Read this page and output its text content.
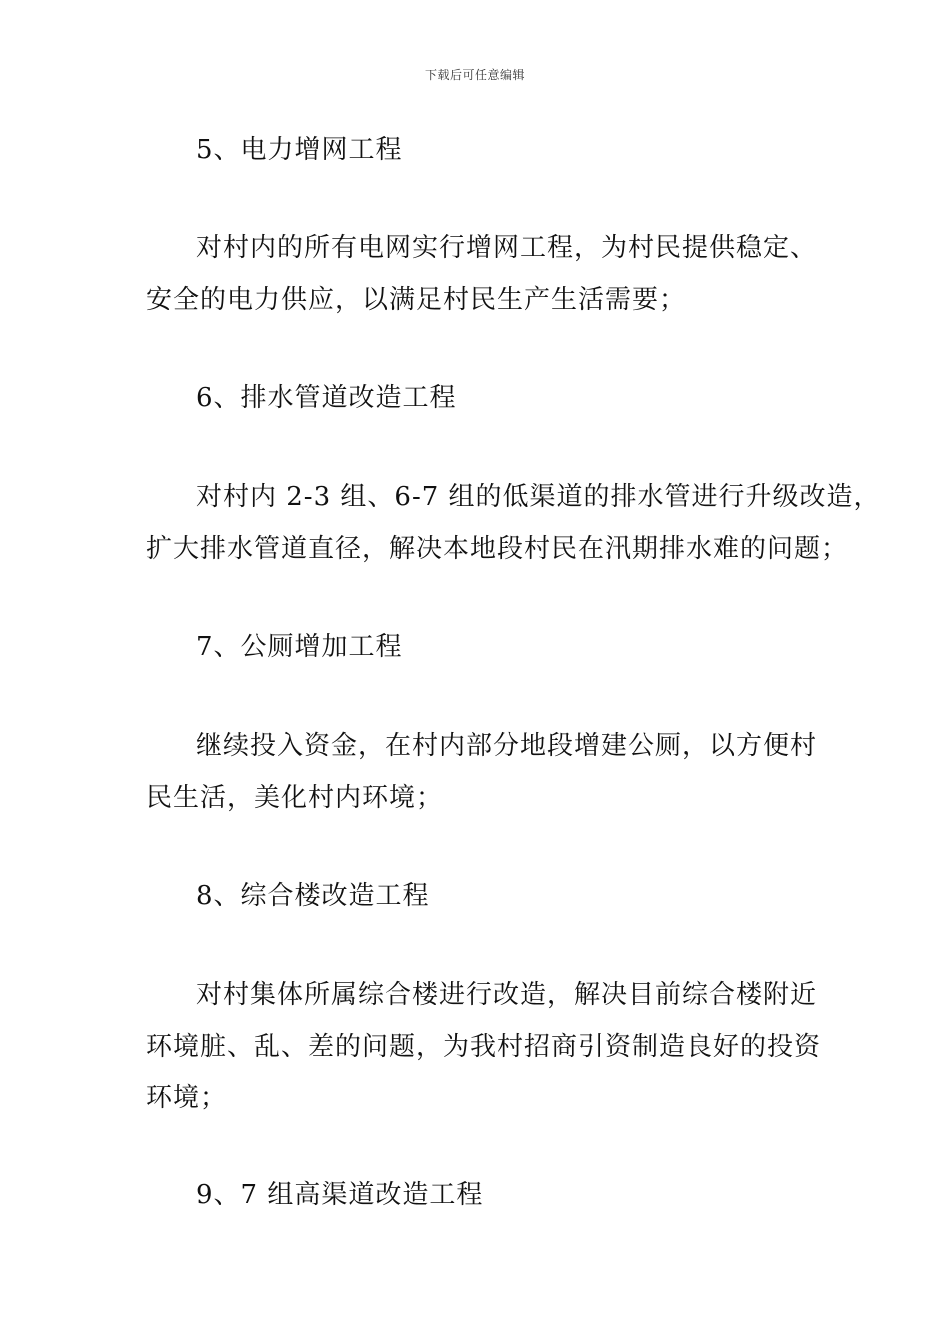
下载后可任意编辑
5、电力增网工程
对村内的所有电网实行增网工程，为村民提供稳定、
安全的电力供应，以满足村民生产生活需要；
6、排水管道改造工程
对村内 2-3 组、6-7 组的低渠道的排水管进行升级改造，
扩大排水管道直径，解决本地段村民在汛期排水难的问题；
7、公厕增加工程
继续投入资金，在村内部分地段增建公厕，以方便村
民生活，美化村内环境；
8、综合楼改造工程
对村集体所属综合楼进行改造，解决目前综合楼附近
环境脏、乱、差的问题，为我村招商引资制造良好的投资
环境；
9、7 组高渠道改造工程
